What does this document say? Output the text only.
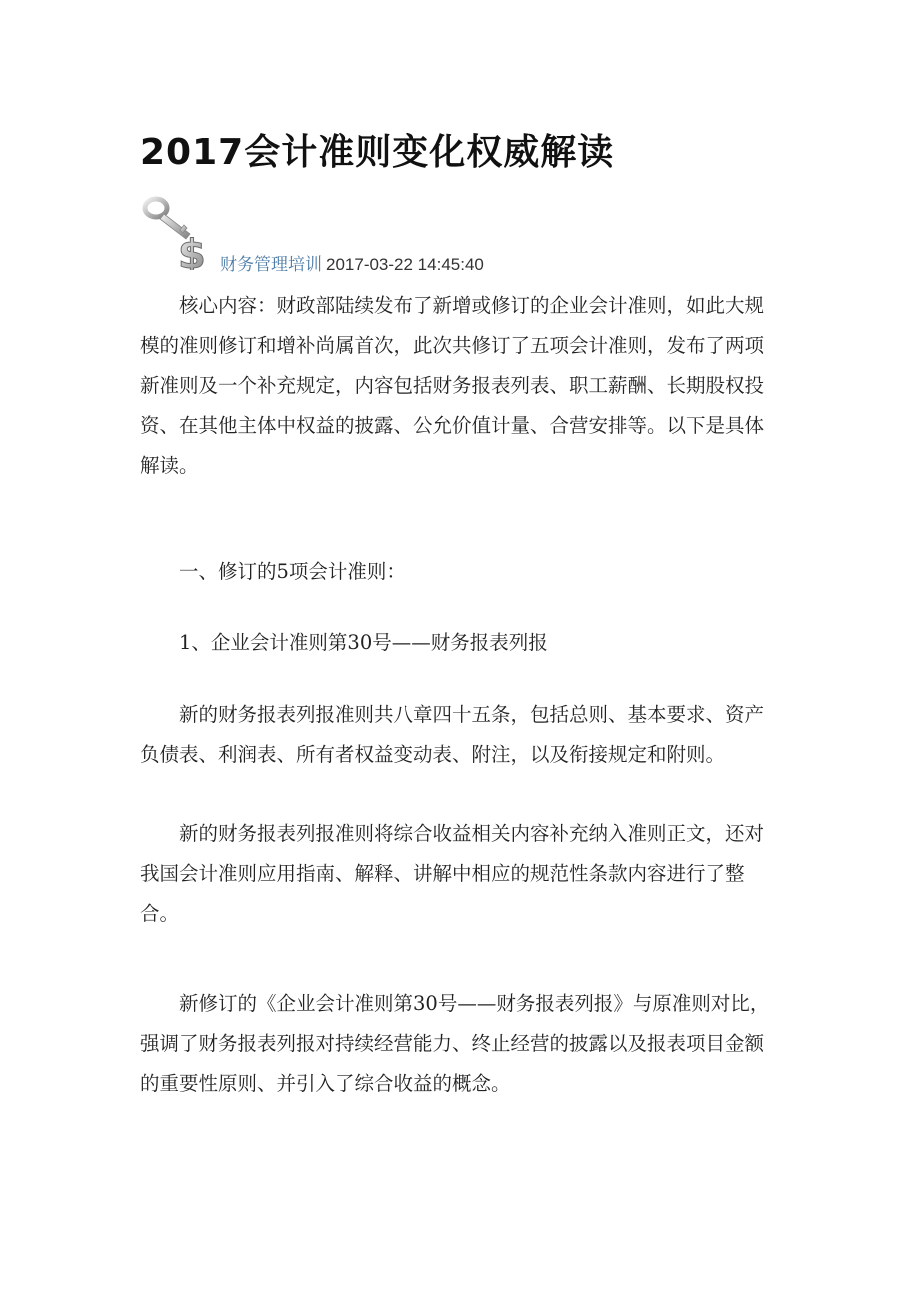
2017会计准则变化权威解读
$ 财务管理培训 2017-03-22 14:45:40

核心内容：财政部陆续发布了新增或修订的企业会计准则，如此大规模的准则修订和增补尚属首次，此次共修订了五项会计准则，发布了两项新准则及一个补充规定，内容包括财务报表列表、职工薪酬、长期股权投资、在其他主体中权益的披露、公允价值计量、合营安排等。以下是具体解读。

一、修订的5项会计准则：

1、企业会计准则第30号——财务报表列报

新的财务报表列报准则共八章四十五条，包括总则、基本要求、资产负债表、利润表、所有者权益变动表、附注，以及衔接规定和附则。

新的财务报表列报准则将综合收益相关内容补充纳入准则正文，还对我国会计准则应用指南、解释、讲解中相应的规范性条款内容进行了整合。

新修订的《企业会计准则第30号——财务报表列报》与原准则对比，强调了财务报表列报对持续经营能力、终止经营的披露以及报表项目金额的重要性原则、并引入了综合收益的概念。
